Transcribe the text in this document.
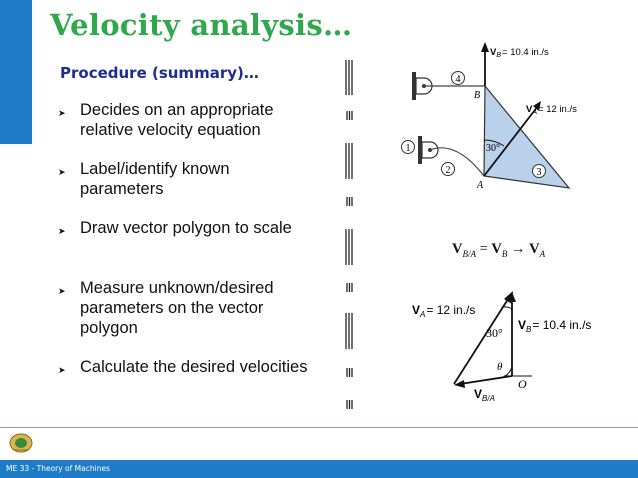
Velocity analysis…
Procedure (summary)…
➤ Decides on an appropriate relative velocity equation
➤ Label/identify known parameters
➤ Draw vector polygon to scale
➤ Measure unknown/desired parameters on the vector polygon
➤ Calculate the desired velocities
4
1
2	3
B
A
30°
$V_B= 10.4$ in./s
$V_A= 12$ in./s
$V_{B/A} = V_B \to V_A$
$V_A= 12$ in./s
$V_B= 10.4$ in./s
30°
θ
O
$V_{B/A}$
ME 33 - Theory of Machines
